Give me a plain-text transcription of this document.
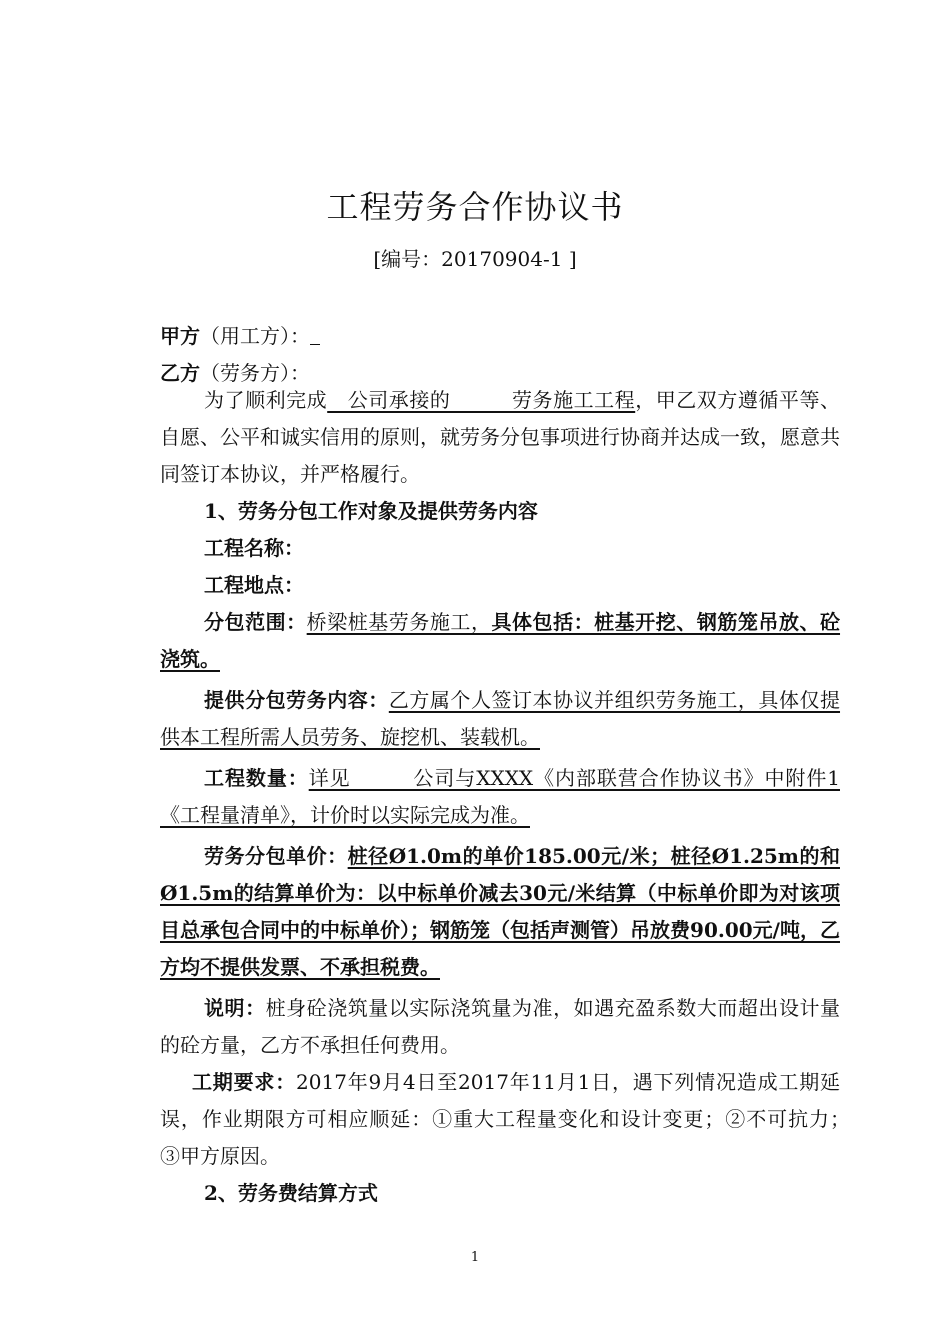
工程劳务合作协议书
[编号：20170904-1 ]

甲方（用工方）：

乙方（劳务方）：

为了顺利完成　公司承接的　　　劳务施工工程，甲乙双方遵循平等、自愿、公平和诚实信用的原则，就劳务分包事项进行协商并达成一致，愿意共同签订本协议，并严格履行。

1、劳务分包工作对象及提供劳务内容

工程名称：

工程地点：

分包范围：桥梁桩基劳务施工，具体包括：桩基开挖、钢筋笼吊放、砼浇筑。

提供分包劳务内容：乙方属个人签订本协议并组织劳务施工，具体仅提供本工程所需人员劳务、旋挖机、装载机。

工程数量：详见　　　公司与XXXX《内部联营合作协议书》中附件1《工程量清单》，计价时以实际完成为准。

劳务分包单价：桩径Ø1.0m的单价185.00元/米；桩径Ø1.25m的和Ø1.5m的结算单价为：以中标单价减去30元/米结算（中标单价即为对该项目总承包合同中的中标单价）；钢筋笼（包括声测管）吊放费90.00元/吨，乙方均不提供发票、不承担税费。

说明：桩身砼浇筑量以实际浇筑量为准，如遇充盈系数大而超出设计量的砼方量，乙方不承担任何费用。

工期要求：2017年9月4日至2017年11月1日，遇下列情况造成工期延误，作业期限方可相应顺延：①重大工程量变化和设计变更；②不可抗力；　③甲方原因。

2、劳务费结算方式

1
